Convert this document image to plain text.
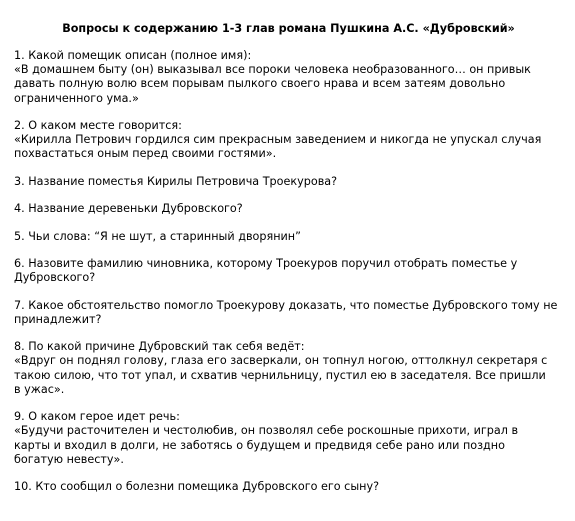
Вопросы к содержанию 1-3 глав романа Пушкина А.С. «Дубровский»
1. Какой помещик описан (полное имя):
«В домашнем быту (он) выказывал все пороки человека необразованного… он привык
давать полную волю всем порывам пылкого своего нрава и всем затеям довольно
ограниченного ума.»
2. О каком месте говорится:
«Кирилла Петрович гордился сим прекрасным заведением и никогда не упускал случая
похвастаться оным перед своими гостями».
3. Название поместья Кирилы Петровича Троекурова?
4. Название деревеньки Дубровского?
5. Чьи слова: “Я не шут, а старинный дворянин”
6. Назовите фамилию чиновника, которому Троекуров поручил отобрать поместье у
Дубровского?
7. Какое обстоятельство помогло Троекурову доказать, что поместье Дубровского тому не
принадлежит?
8. По какой причине Дубровский так себя ведёт:
«Вдруг он поднял голову, глаза его засверкали, он топнул ногою, оттолкнул секретаря с
такою силою, что тот упал, и схватив чернильницу, пустил ею в заседателя. Все пришли
в ужас».
9. О каком герое идет речь:
«Будучи расточителен и честолюбив, он позволял себе роскошные прихоти, играл в
карты и входил в долги, не заботясь о будущем и предвидя себе рано или поздно
богатую невесту».
10. Кто сообщил о болезни помещика Дубровского его сыну?
